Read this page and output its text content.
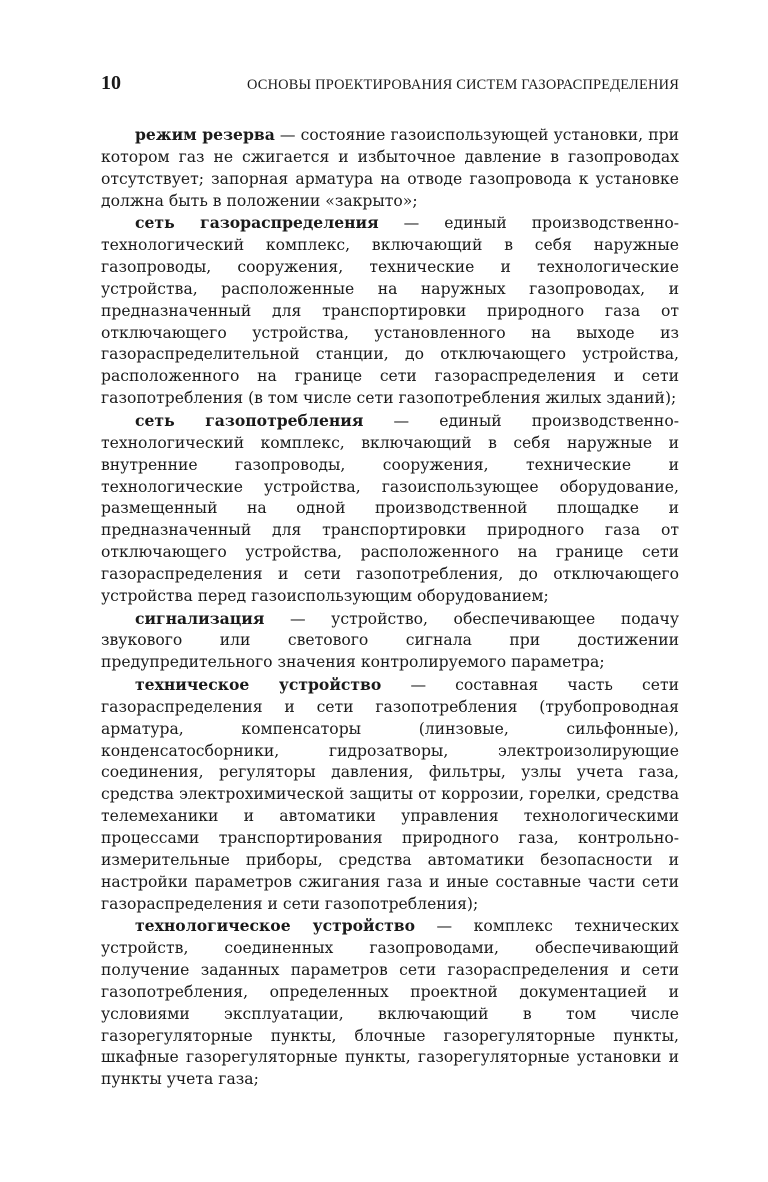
10	ОСНОВЫ ПРОЕКТИРОВАНИЯ СИСТЕМ ГАЗОРАСПРЕДЕЛЕНИЯ

режим резерва — состояние газоиспользующей установки, при котором газ не сжигается и избыточное давление в газопроводах отсутствует; запорная арматура на отводе газопровода к установке должна быть в положении «закрыто»;

сеть газораспределения — единый производственно-технологический комплекс, включающий в себя наружные газопроводы, сооружения, технические и технологические устройства, расположенные на наружных газопроводах, и предназначенный для транспортировки природного газа от отключающего устройства, установленного на выходе из газораспределительной станции, до отключающего устройства, расположенного на границе сети газораспределения и сети газопотребления (в том числе сети газопотребления жилых зданий);

сеть газопотребления — единый производственно-технологический комплекс, включающий в себя наружные и внутренние газопроводы, сооружения, технические и технологические устройства, газоиспользующее оборудование, размещенный на одной производственной площадке и предназначенный для транспортировки природного газа от отключающего устройства, расположенного на границе сети газораспределения и сети газопотребления, до отключающего устройства перед газоиспользующим оборудованием;

сигнализация — устройство, обеспечивающее подачу звукового или светового сигнала при достижении предупредительного значения контролируемого параметра;

техническое устройство — составная часть сети газораспределения и сети газопотребления (трубопроводная арматура, компенсаторы (линзовые, сильфонные), конденсатосборники, гидрозатворы, электроизолирующие соединения, регуляторы давления, фильтры, узлы учета газа, средства электрохимической защиты от коррозии, горелки, средства телемеханики и автоматики управления технологическими процессами транспортирования природного газа, контрольно-измерительные приборы, средства автоматики безопасности и настройки параметров сжигания газа и иные составные части сети газораспределения и сети газопотребления);

технологическое устройство — комплекс технических устройств, соединенных газопроводами, обеспечивающий получение заданных параметров сети газораспределения и сети газопотребления, определенных проектной документацией и условиями эксплуатации, включающий в том числе газорегуляторные пункты, блочные газорегуляторные пункты, шкафные газорегуляторные пункты, газорегуляторные установки и пункты учета газа;
